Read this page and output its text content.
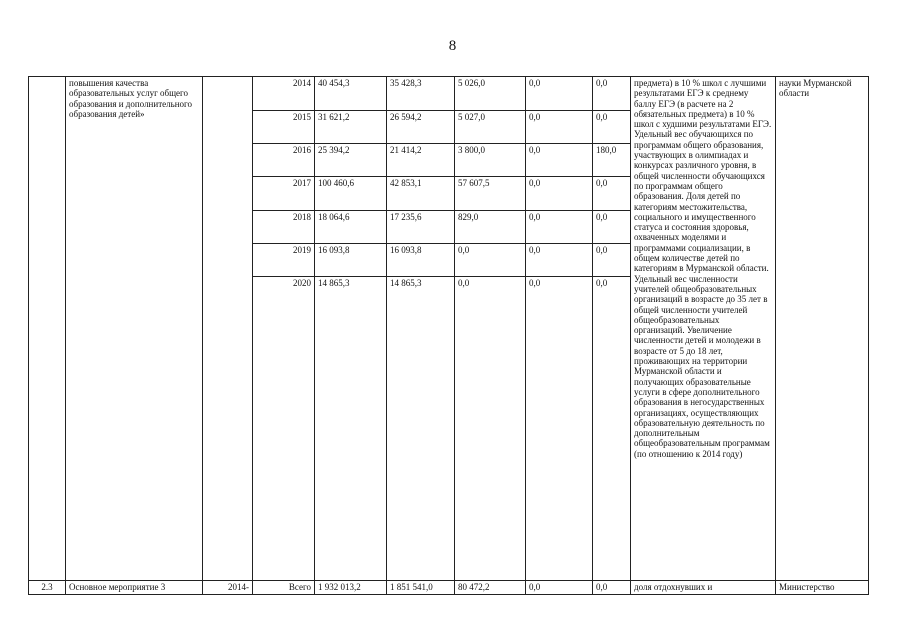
8
	повышения качества образовательных услуг общего образования и дополнительного образования детей»		2014	40 454,3	35 428,3	5 026,0	0,0	0,0	предмета) в 10 % школ с лучшими результатами ЕГЭ к среднему баллу ЕГЭ (в расчете на 2 обязательных предмета) в 10 % школ с худшими результатами ЕГЭ. Удельный вес обучающихся по программам общего образования, участвующих в олимпиадах и конкурсах различного уровня, в общей численности обучающихся по программам общего образования. Доля детей по категориям местожительства, социального и имущественного статуса и состояния здоровья, охваченных моделями и программами социализации, в общем количестве детей по категориям в Мурманской области. Удельный вес численности учителей общеобразовательных организаций в возрасте до 35 лет в общей численности учителей общеобразовательных организаций. Увеличение численности детей и молодежи в возрасте от 5 до 18 лет, проживающих на территории Мурманской области и получающих образовательные услуги в сфере дополнительного образования в негосударственных организациях, осуществляющих образовательную деятельность по дополнительным общеобразовательным программам (по отношению к 2014 году)	науки Мурманской области
			2015	31 621,2	26 594,2	5 027,0	0,0	0,0		
			2016	25 394,2	21 414,2	3 800,0	0,0	180,0		
			2017	100 460,6	42 853,1	57 607,5	0,0	0,0		
			2018	18 064,6	17 235,6	829,0	0,0	0,0		
			2019	16 093,8	16 093,8	0,0	0,0	0,0		
			2020	14 865,3	14 865,3	0,0	0,0	0,0		
2.3	Основное мероприятие 3	2014-	Всего	1 932 013,2	1 851 541,0	80 472,2	0,0	0,0	доля отдохнувших и	Министерство
